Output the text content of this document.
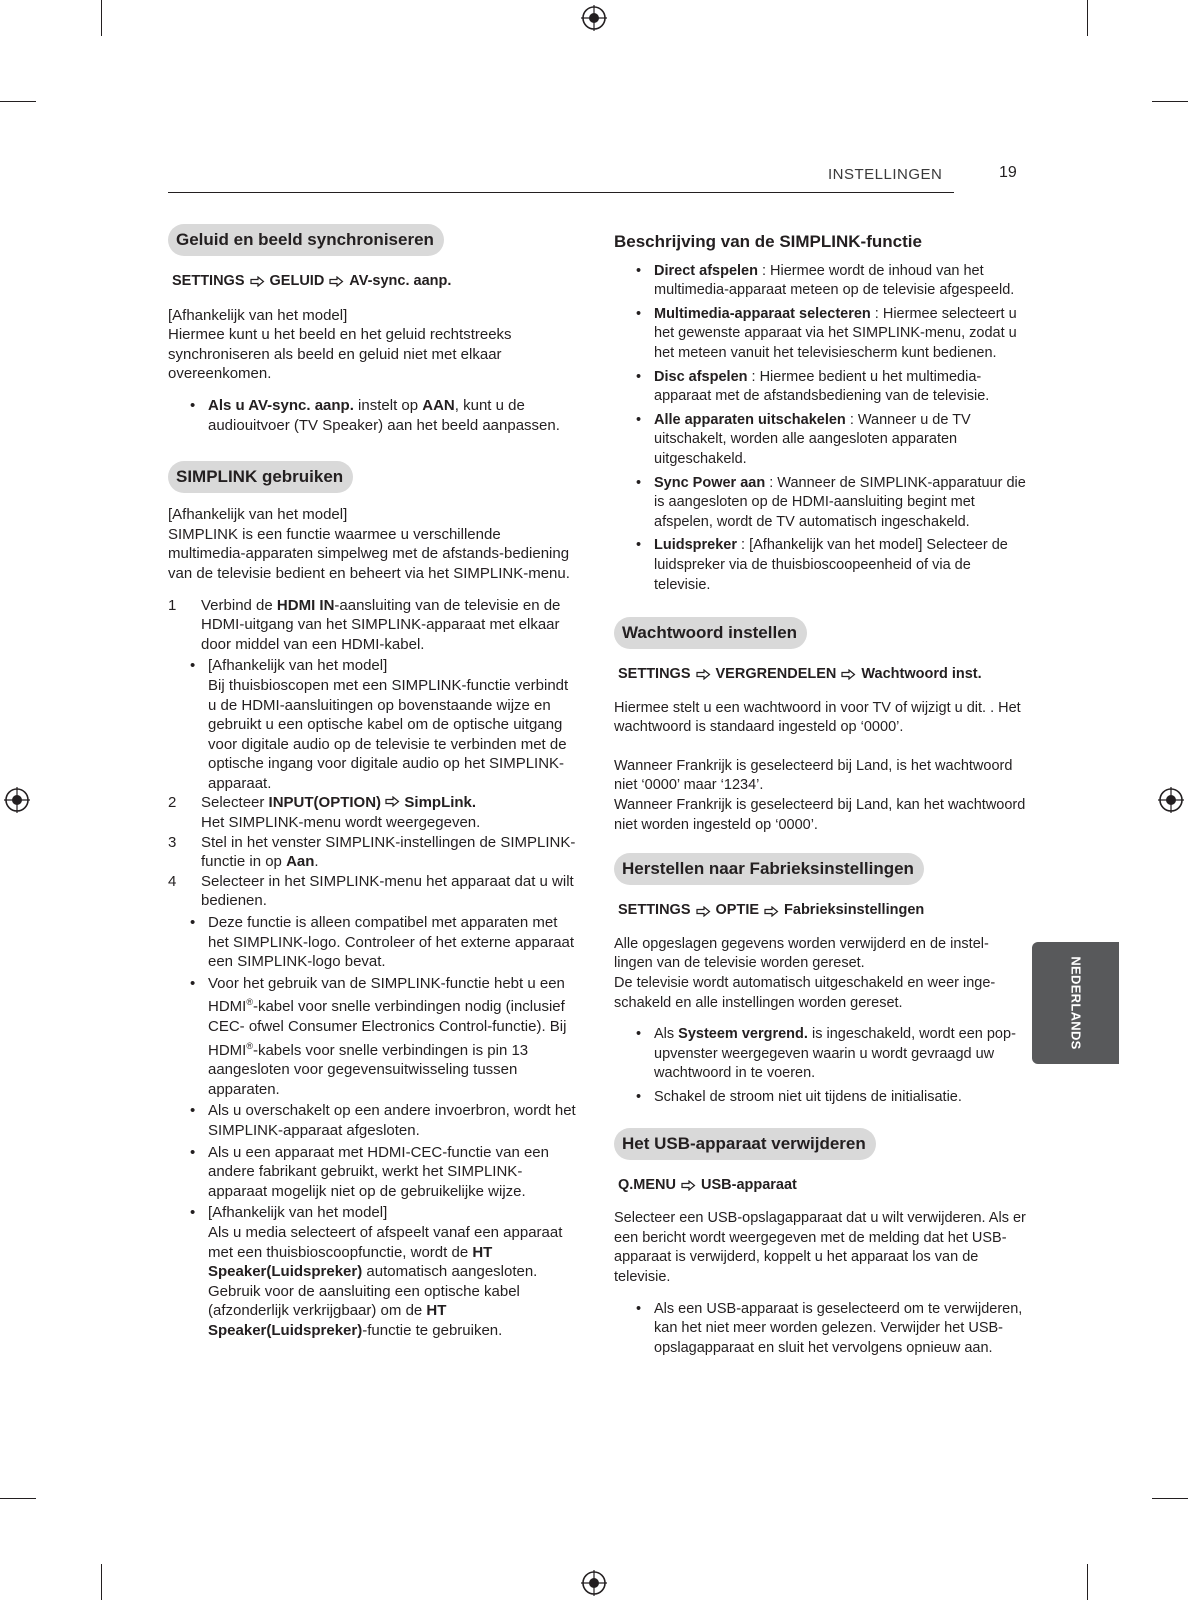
INSTELLINGEN	19
NEDERLANDS
Geluid en beeld synchroniseren
SETTINGS GELUID AV-sync. aanp.

[Afhankelijk van het model]

Hiermee kunt u het beeld en het geluid rechtstreeks synchroniseren als beeld en geluid niet met elkaar overeenkomen.

• Als u AV-sync. aanp. instelt op AAN, kunt u de audiouitvoer (TV Speaker) aan het beeld aanpassen.
SIMPLINK gebruiken

[Afhankelijk van het model]

SIMPLINK is een functie waarmee u verschillende multimedia-apparaten simpelweg met de afstands-bediening van de televisie bedient en beheert via het SIMPLINK-menu.

1 Verbind de HDMI IN-aansluiting van de televisie en de HDMI-uitgang van het SIMPLINK-apparaat met elkaar door middel van een HDMI-kabel.
• [Afhankelijk van het model]
Bij thuisbioscopen met een SIMPLINK-functie verbindt u de HDMI-aansluitingen op bovenstaande wijze en gebruikt u een optische kabel om de optische uitgang voor digitale audio op de televisie te verbinden met de optische ingang voor digitale audio op het SIMPLINK-apparaat.
2 Selecteer INPUT(OPTION) SimpLink.
Het SIMPLINK-menu wordt weergegeven.
3 Stel in het venster SIMPLINK-instellingen de SIMPLINK-functie in op Aan.
4 Selecteer in het SIMPLINK-menu het apparaat dat u wilt bedienen.
• Deze functie is alleen compatibel met apparaten met het SIMPLINK-logo. Controleer of het externe apparaat een SIMPLINK-logo bevat.
• Voor het gebruik van de SIMPLINK-functie hebt u een HDMI®-kabel voor snelle verbindingen nodig (inclusief CEC- ofwel Consumer Electronics Control-functie). Bij HDMI®-kabels voor snelle verbindingen is pin 13 aangesloten voor gegevensuitwisseling tussen apparaten.
• Als u overschakelt op een andere invoerbron, wordt het SIMPLINK-apparaat afgesloten.
• Als u een apparaat met HDMI-CEC-functie van een andere fabrikant gebruikt, werkt het SIMPLINK-apparaat mogelijk niet op de gebruikelijke wijze.
• [Afhankelijk van het model]
Als u media selecteert of afspeelt vanaf een apparaat met een thuisbioscoopfunctie, wordt de HT Speaker(Luidspreker) automatisch aangesloten. Gebruik voor de aansluiting een optische kabel (afzonderlijk verkrijgbaar) om de HT Speaker(Luidspreker)-functie te gebruiken.
Beschrijving van de SIMPLINK-functie
• Direct afspelen : Hiermee wordt de inhoud van het multimedia-apparaat meteen op de televisie afgespeeld.
• Multimedia-apparaat selecteren : Hiermee selecteert u het gewenste apparaat via het SIMPLINK-menu, zodat u het meteen vanuit het televisiescherm kunt bedienen.
• Disc afspelen : Hiermee bedient u het multimedia-apparaat met de afstandsbediening van de televisie.
• Alle apparaten uitschakelen : Wanneer u de TV uitschakelt, worden alle aangesloten apparaten uitgeschakeld.
• Sync Power aan : Wanneer de SIMPLINK-apparatuur die is aangesloten op de HDMI-aansluiting begint met afspelen, wordt de TV automatisch ingeschakeld.
• Luidspreker : [Afhankelijk van het model] Selecteer de luidspreker via de thuisbioscoopeenheid of via de televisie.
Wachtwoord instellen
SETTINGS VERGRENDELEN Wachtwoord inst.

Hiermee stelt u een wachtwoord in voor TV of wijzigt u dit. . Het wachtwoord is standaard ingesteld op ‘0000’.

Wanneer Frankrijk is geselecteerd bij Land, is het wachtwoord niet ‘0000’ maar ‘1234’.

Wanneer Frankrijk is geselecteerd bij Land, kan het wachtwoord niet worden ingesteld op ‘0000’.

Herstellen naar Fabrieksinstellingen
SETTINGS OPTIE Fabrieksinstellingen

Alle opgeslagen gegevens worden verwijderd en de instel-lingen van de televisie worden gereset.

De televisie wordt automatisch uitgeschakeld en weer inge-schakeld en alle instellingen worden gereset.

• Als Systeem vergrend. is ingeschakeld, wordt een pop-upvenster weergegeven waarin u wordt gevraagd uw wachtwoord in te voeren.
• Schakel de stroom niet uit tijdens de initialisatie.
Het USB-apparaat verwijderen
Q.MENU USB-apparaat

Selecteer een USB-opslagapparaat dat u wilt verwijderen. Als er een bericht wordt weergegeven met de melding dat het USB-apparaat is verwijderd, koppelt u het apparaat los van de televisie.

• Als een USB-apparaat is geselecteerd om te verwijderen, kan het niet meer worden gelezen. Verwijder het USB-opslagapparaat en sluit het vervolgens opnieuw aan.
